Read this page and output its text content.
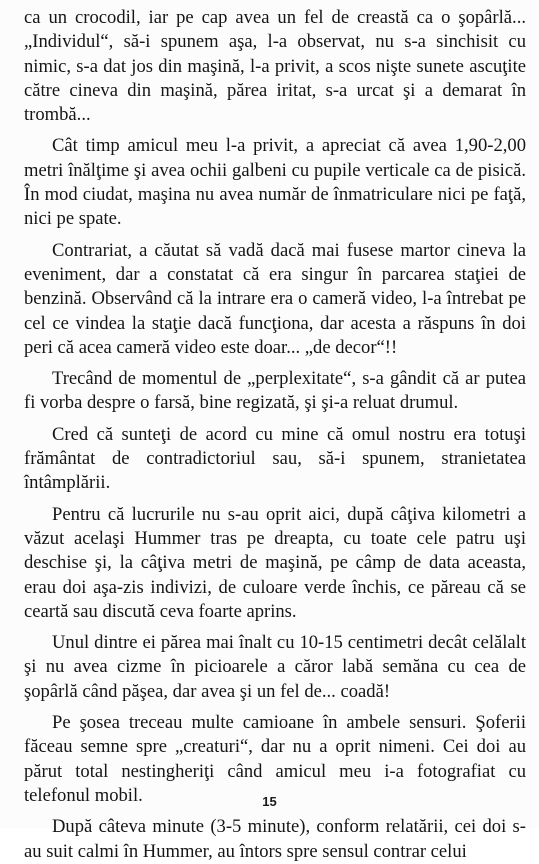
ca un crocodil, iar pe cap avea un fel de creastă ca o şopârlă... „Individul“, să-i spunem aşa, l-a observat, nu s-a sinchisit cu nimic, s-a dat jos din maşină, l-a privit, a scos nişte sunete ascuţite către cineva din maşină, părea iritat, s-a urcat şi a demarat în trombă...

Cât timp amicul meu l-a privit, a apreciat că avea 1,90-2,00 metri înălţime şi avea ochii galbeni cu pupile verticale ca de pisică. În mod ciudat, maşina nu avea număr de înmatriculare nici pe faţă, nici pe spate.

Contrariat, a căutat să vadă dacă mai fusese martor cineva la eveniment, dar a constatat că era singur în parcarea staţiei de benzină. Observând că la intrare era o cameră video, l-a întrebat pe cel ce vindea la staţie dacă funcţiona, dar acesta a răspuns în doi peri că acea cameră video este doar... „de decor“!!

Trecând de momentul de „perplexitate“, s-a gândit că ar putea fi vorba despre o farsă, bine regizată, şi şi-a reluat drumul.

Cred că sunteţi de acord cu mine că omul nostru era totuşi frământat de contradictoriul sau, să-i spunem, stranietatea întâmplării.

Pentru că lucrurile nu s-au oprit aici, după câţiva kilometri a văzut acelaşi Hummer tras pe dreapta, cu toate cele patru uşi deschise şi, la câţiva metri de maşină, pe câmp de data aceasta, erau doi aşa-zis indivizi, de culoare verde închis, ce păreau că se ceartă sau discută ceva foarte aprins.

Unul dintre ei părea mai înalt cu 10-15 centimetri decât celălalt şi nu avea cizme în picioarele a căror labă semăna cu cea de şopârlă când păşea, dar avea şi un fel de... coadă!

Pe şosea treceau multe camioane în ambele sensuri. Şoferii făceau semne spre „creaturi“, dar nu a oprit nimeni. Cei doi au părut total nestingheriţi când amicul meu i-a fotografiat cu telefonul mobil.

După câteva minute (3-5 minute), conform relatării, cei doi s-au suit calmi în Hummer, au întors spre sensul contrar celui

15
